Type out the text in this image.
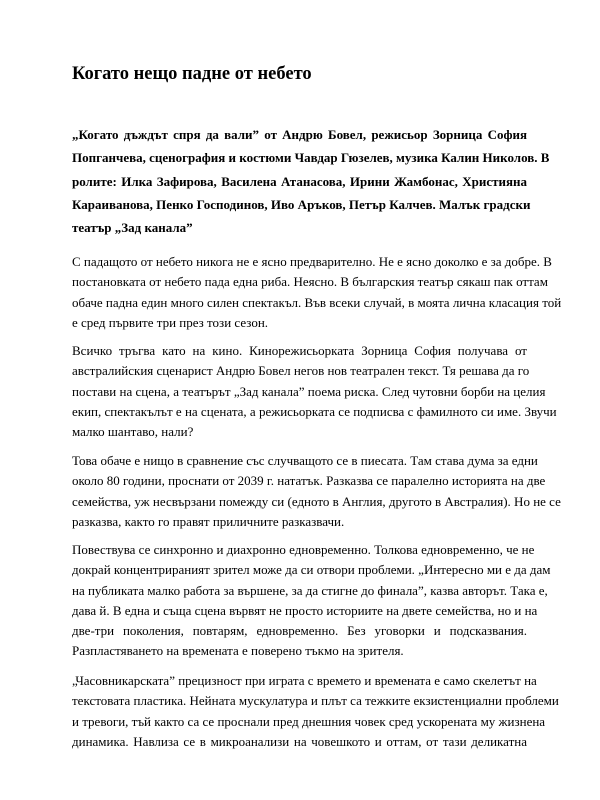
Когато нещо падне от небето

„Когато дъждът спря да вали” от Андрю Бовел, режисьор Зорница София
Попганчева, сценография и костюми Чавдар Гюзелев, музика Калин Николов. В
ролите: Илка Зафирова, Василена Атанасова, Ирини Жамбонас, Християна
Караиванова, Пенко Господинов, Иво Аръков, Петър Калчев. Малък градски
театър „Зад канала”

С падащото от небето никога не е ясно предварително. Не е ясно доколко е за добре. В
постановката от небето пада една риба. Неясно. В българския театър сякаш пак оттам
обаче падна един много силен спектакъл. Във всеки случай, в моята лична класация той
е сред първите три през този сезон.

Всичко тръгва като на кино. Кинорежисьорката Зорница София получава от
австралийския сценарист Андрю Бовел негов нов театрален текст. Тя решава да го
постави на сцена, а театърът „Зад канала” поема риска. След чутовни борби на целия
екип, спектакълът е на сцената, а режисьорката се подписва с фамилното си име. Звучи
малко шантаво, нали?

Това обаче е нищо в сравнение със случващото се в пиесата. Там става дума за едни
около 80 години, проснати от 2039 г. нататък. Разказва се паралелно историята на две
семейства, уж несвързани помежду си (едното в Англия, другото в Австралия). Но не се
разказва, както го правят приличните разказвачи.

Повествува се синхронно и диахронно едновременно. Толкова едновременно, че не
докрай концентрираният зрител може да си отвори проблеми. „Интересно ми е да дам
на публиката малко работа за вършене, за да стигне до финала”, казва авторът. Така е,
дава й. В една и съща сцена вървят не просто историите на двете семейства, но и на
две-три поколения, повтарям, едновременно. Без уговорки и подсказвания.
Разпластяването на времената е поверено тъкмо на зрителя.

„Часовникарската” прецизност при играта с времето и времената е само скелетът на
текстовата пластика. Нейната мускулатура и плът са тежките екзистенциални проблеми
и тревоги, тъй както са се проснали пред днешния човек сред ускорената му жизнена
динамика. Навлиза се в микроанализи на човешкото и оттам, от тази деликатна
